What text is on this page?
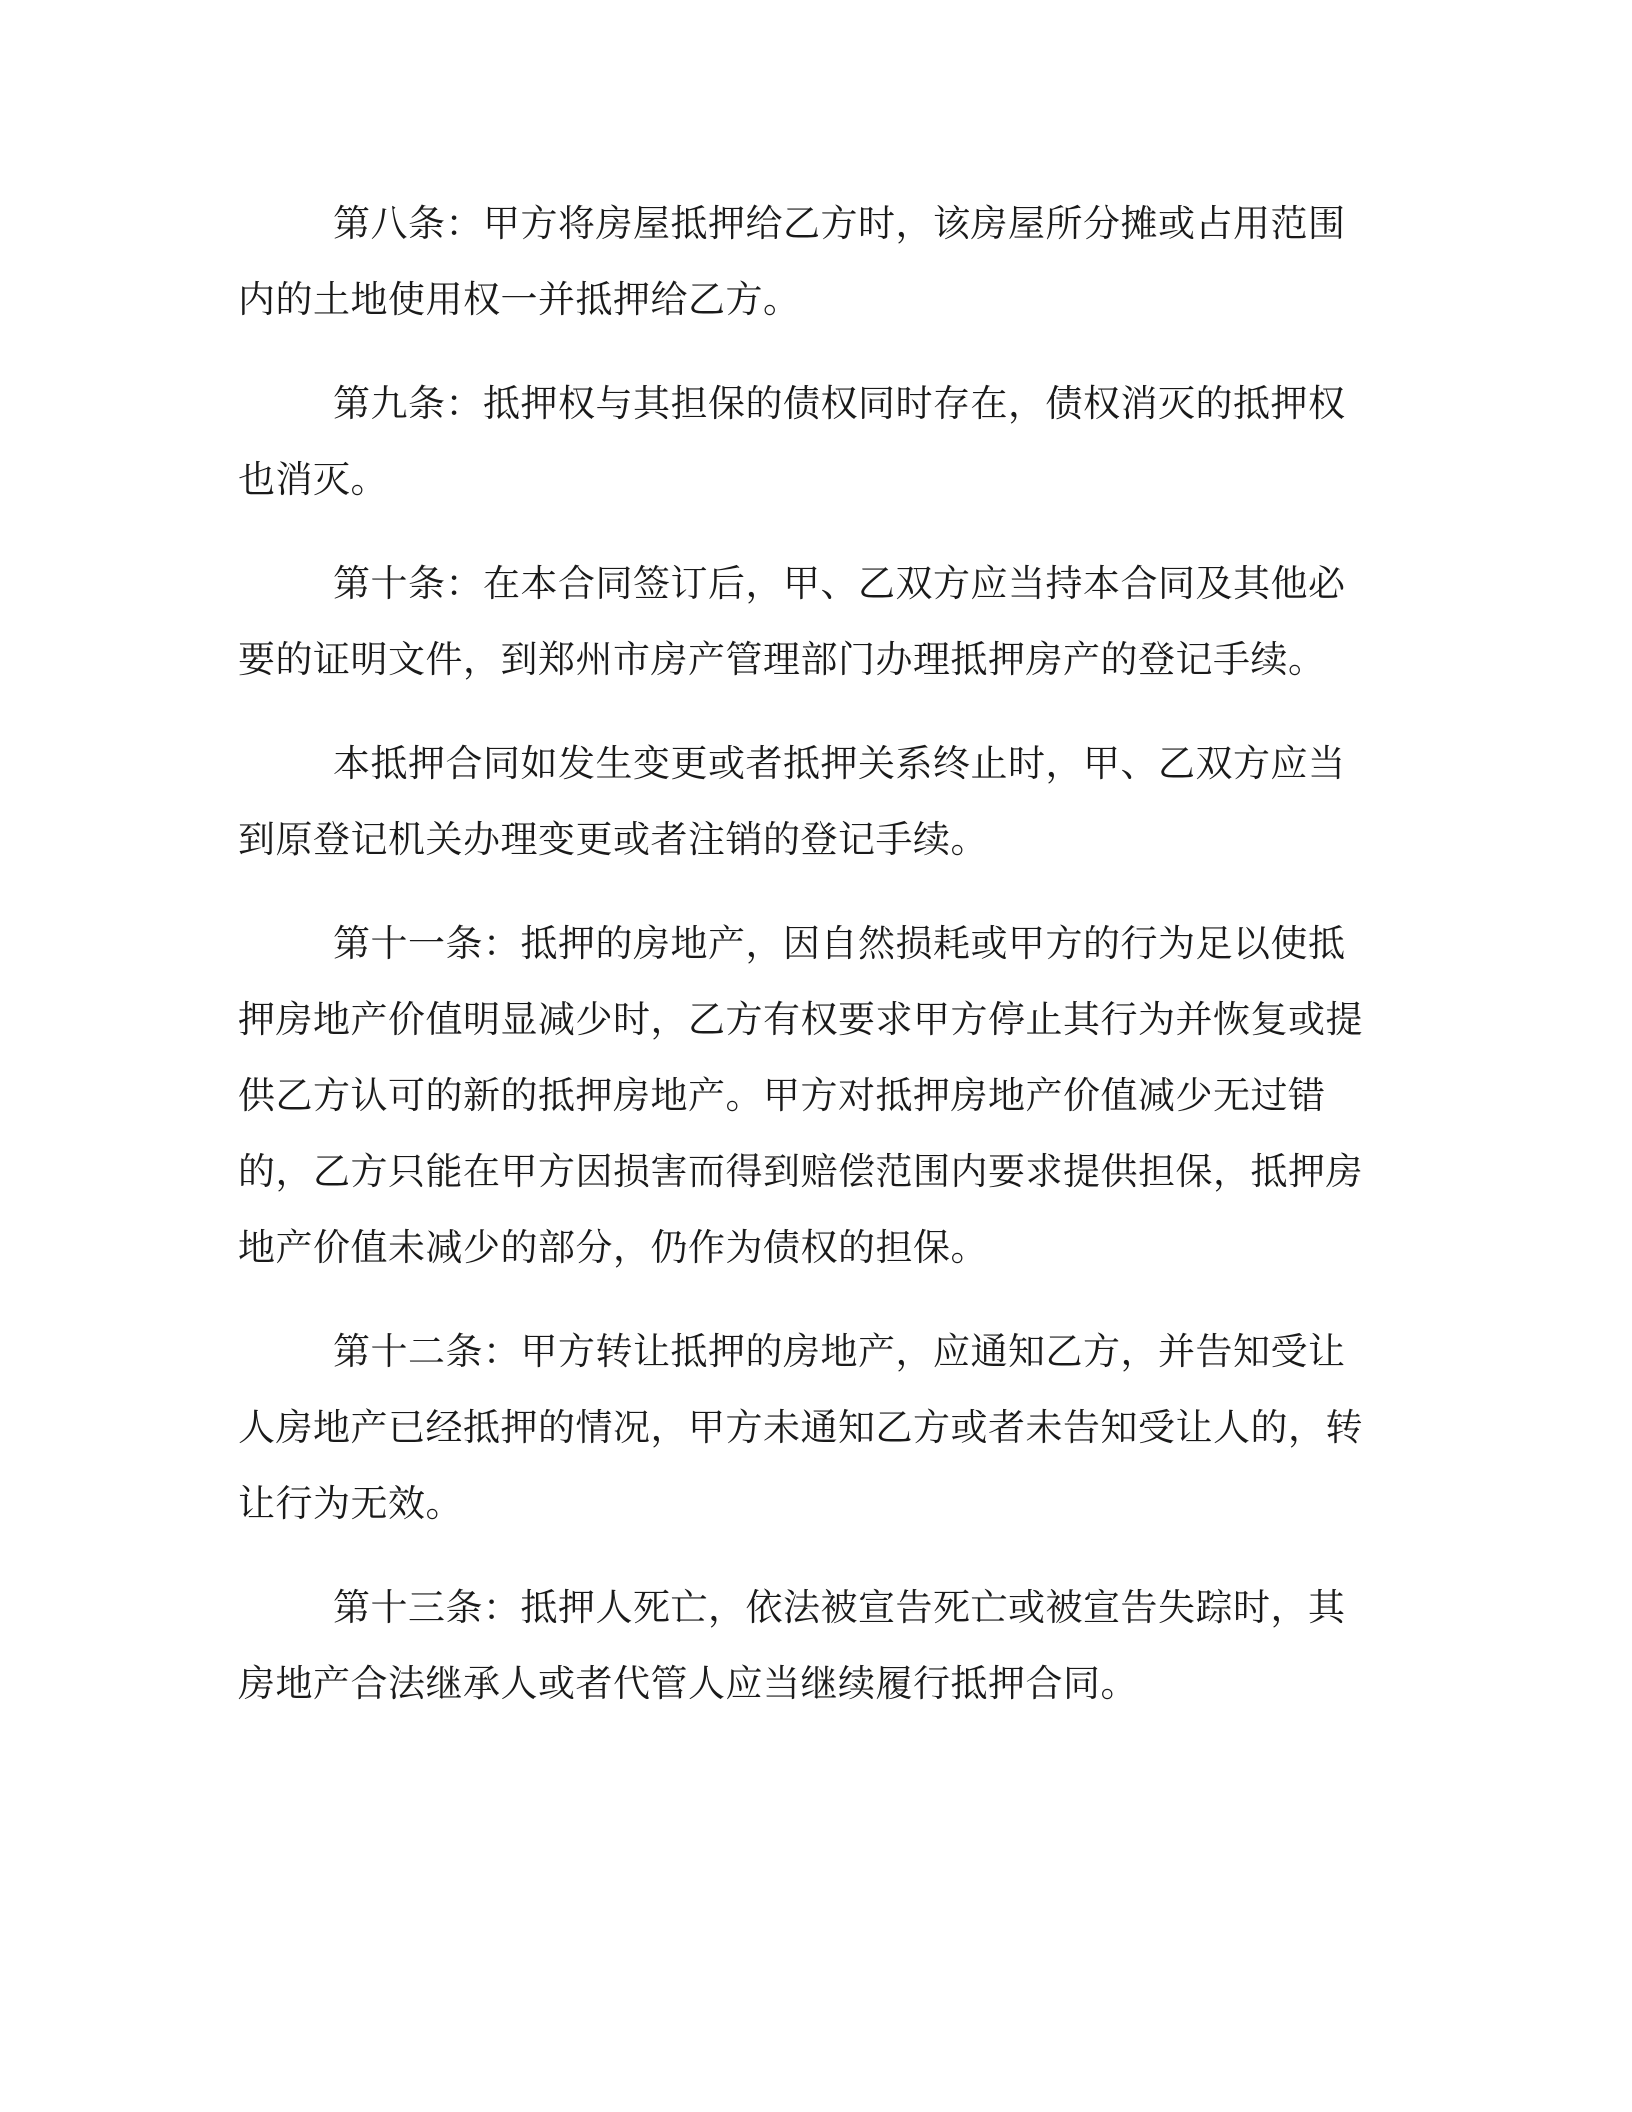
第八条：甲方将房屋抵押给乙方时，该房屋所分摊或占用范围内的土地使用权一并抵押给乙方。

第九条：抵押权与其担保的债权同时存在，债权消灭的抵押权也消灭。

第十条：在本合同签订后，甲、乙双方应当持本合同及其他必要的证明文件，到郑州市房产管理部门办理抵押房产的登记手续。

本抵押合同如发生变更或者抵押关系终止时，甲、乙双方应当到原登记机关办理变更或者注销的登记手续。

第十一条：抵押的房地产，因自然损耗或甲方的行为足以使抵押房地产价值明显减少时，乙方有权要求甲方停止其行为并恢复或提供乙方认可的新的抵押房地产。甲方对抵押房地产价值减少无过错的，乙方只能在甲方因损害而得到赔偿范围内要求提供担保，抵押房地产价值未减少的部分，仍作为债权的担保。

第十二条：甲方转让抵押的房地产，应通知乙方，并告知受让人房地产已经抵押的情况，甲方未通知乙方或者未告知受让人的，转让行为无效。

第十三条：抵押人死亡，依法被宣告死亡或被宣告失踪时，其房地产合法继承人或者代管人应当继续履行抵押合同。
